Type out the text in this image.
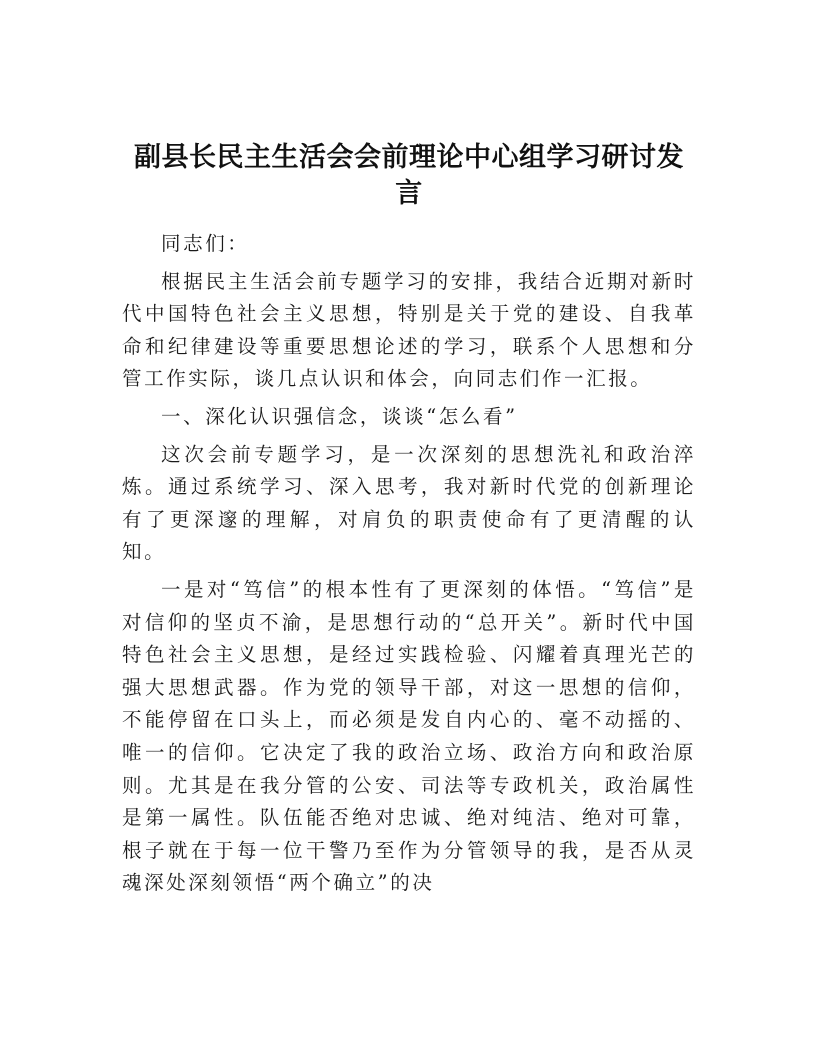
副县长民主生活会会前理论中心组学习研讨发言

同志们：

根据民主生活会前专题学习的安排，我结合近期对新时代中国特色社会主义思想，特别是关于党的建设、自我革命和纪律建设等重要思想论述的学习，联系个人思想和分管工作实际，谈几点认识和体会，向同志们作一汇报。

一、深化认识强信念，谈谈“怎么看”

这次会前专题学习，是一次深刻的思想洗礼和政治淬炼。通过系统学习、深入思考，我对新时代党的创新理论有了更深邃的理解，对肩负的职责使命有了更清醒的认知。

一是对“笃信”的根本性有了更深刻的体悟。“笃信”是对信仰的坚贞不渝，是思想行动的“总开关”。新时代中国特色社会主义思想，是经过实践检验、闪耀着真理光芒的强大思想武器。作为党的领导干部，对这一思想的信仰，不能停留在口头上，而必须是发自内心的、毫不动摇的、唯一的信仰。它决定了我的政治立场、政治方向和政治原则。尤其是在我分管的公安、司法等专政机关，政治属性是第一属性。队伍能否绝对忠诚、绝对纯洁、绝对可靠，根子就在于每一位干警乃至作为分管领导的我，是否从灵魂深处深刻领悟“两个确立”的决
